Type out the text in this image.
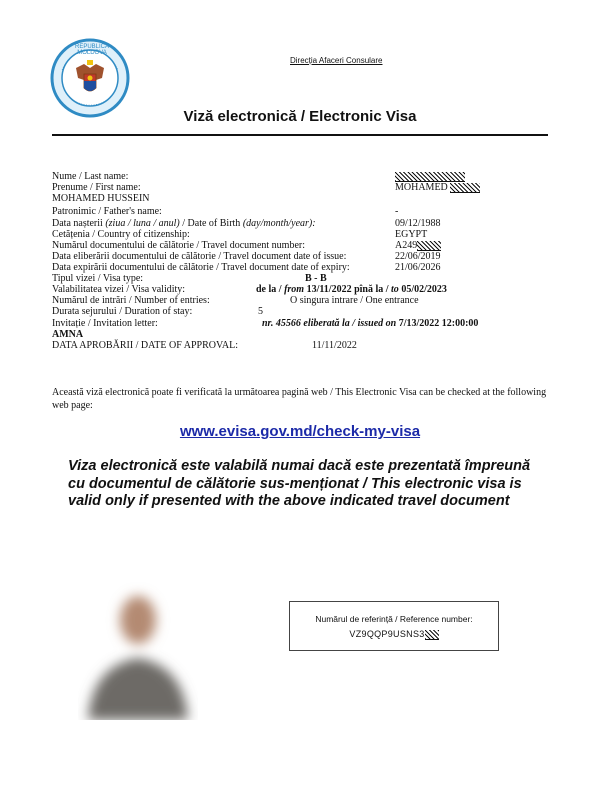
REPUBLICA MOLDOVA
Direcția Afaceri Consulare
Viză electronică / Electronic Visa
Nume / Last name:
Prenume / First name:	MOHAMED
MOHAMED HUSSEIN
Patronimic / Father's name:	-
Data nașterii (ziua / luna / anul) / Date of Birth (day/month/year):	09/12/1988
Cetățenia / Country of citizenship:	EGYPT
Numărul documentului de călătorie / Travel document number:	A249
Data eliberării documentului de călătorie / Travel document date of issue:	22/06/2019
Data expirării documentului de călătorie / Travel document date of expiry:	21/06/2026
Tipul vizei / Visa type:	B - B
Valabilitatea vizei / Visa validity:	de la / from 13/11/2022 pînă la / to 05/02/2023
Numărul de intrări / Number of entries:	O singura intrare / One entrance
Durata sejurului / Duration of stay:	5
Invitație / Invitation letter:	nr. 45566 eliberată la / issued on 7/13/2022 12:00:00
AMNA
DATA APROBĂRII / DATE OF APPROVAL:	11/11/2022
Această viză electronică poate fi verificată la următoarea pagină web / This Electronic Visa can be checked at the following web page:
www.evisa.gov.md/check-my-visa
Viza electronică este valabilă numai dacă este prezentată împreună cu documentul de călătorie sus-menționat / This electronic visa is valid only if presented with the above indicated travel document
Numărul de referință / Reference number:
VZ9QQP9USNS3
